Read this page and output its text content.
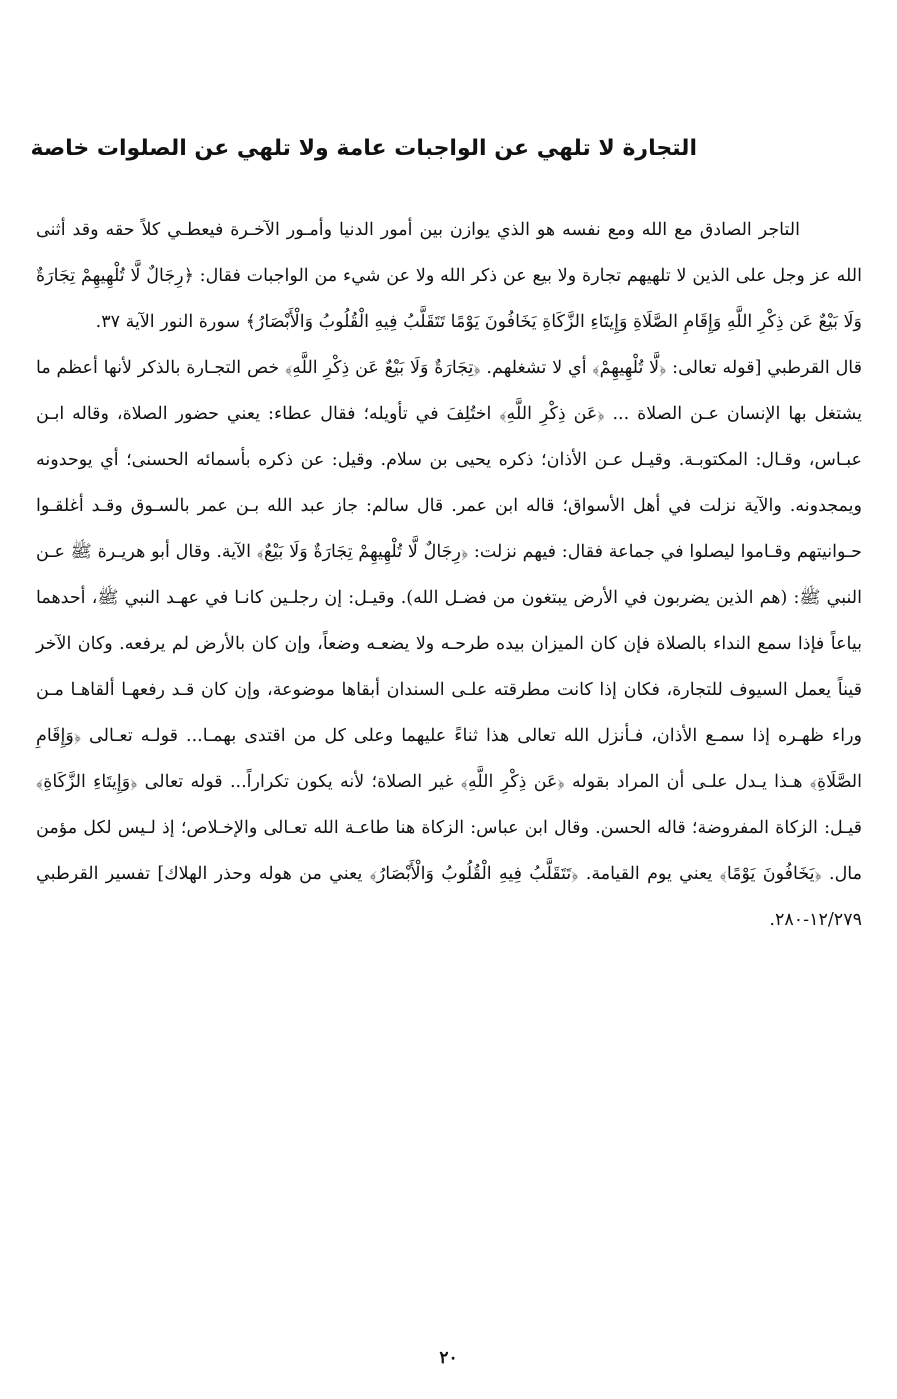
التجارة لا تلهي عن الواجبات عامة ولا تلهي عن الصلوات خاصة

التاجر الصادق مع الله ومع نفسه هو الذي يوازن بين أمور الدنيا وأمـور الآخـرة فيعطـي كلاً حقه وقد أثنى الله عز وجل على الذين لا تلهيهم تجارة ولا بيع عن ذكر الله ولا عن شيء من الواجبات فقال: ﴿رِجَالٌ لَّا تُلْهِيهِمْ تِجَارَةٌ وَلَا بَيْعٌ عَن ذِكْرِ اللَّهِ وَإِقَامِ الصَّلَاةِ وَإِيتَاءِ الزَّكَاةِ يَخَافُونَ يَوْمًا تَتَقَلَّبُ فِيهِ الْقُلُوبُ وَالْأَبْصَارُ﴾ سورة النور الآية ٣٧.

قال القرطبي [قوله تعالى: ﴿لَّا تُلْهِيهِمْ﴾ أي لا تشغلهم. ﴿تِجَارَةٌ وَلَا بَيْعٌ عَن ذِكْرِ اللَّهِ﴾ خص التجـارة بالذكر لأنها أعظم ما يشتغل بها الإنسان عـن الصلاة ... ﴿عَن ذِكْرِ اللَّهِ﴾ اختُلِفَ في تأويله؛ فقال عطاء: يعني حضور الصلاة، وقاله ابـن عبـاس، وقـال: المكتوبـة. وقيـل عـن الأذان؛ ذكره يحيى بن سلام. وقيل: عن ذكره بأسمائه الحسنى؛ أي يوحدونه ويمجدونه. والآية نزلت في أهل الأسواق؛ قاله ابن عمر. قال سالم: جاز عبد الله بـن عمر بالسـوق وقـد أغلقـوا حـوانيتهم وقـاموا ليصلوا في جماعة فقال: فيهم نزلت: ﴿رِجَالٌ لَّا تُلْهِيهِمْ تِجَارَةٌ وَلَا بَيْعٌ﴾ الآية. وقال أبو هريـرة ﷺ عـن النبي ﷺ: (هم الذين يضربون في الأرض يبتغون من فضـل الله). وقيـل: إن رجلـين كانـا في عهـد النبي ﷺ، أحدهما بياعاً فإذا سمع النداء بالصلاة فإن كان الميزان بيده طرحـه ولا يضعـه وضعاً، وإن كان بالأرض لم يرفعه. وكان الآخر قيناً يعمل السيوف للتجارة، فكان إذا كانت مطرقته علـى السندان أبقاها موضوعة، وإن كان قـد رفعهـا ألقاهـا مـن وراء ظهـره إذا سمـع الأذان، فـأنزل الله تعالى هذا ثناءً عليهما وعلى كل من اقتدى بهمـا... قولـه تعـالى ﴿وَإِقَامِ الصَّلَاةِ﴾ هـذا يـدل علـى أن المراد بقوله ﴿عَن ذِكْرِ اللَّهِ﴾ غير الصلاة؛ لأنه يكون تكراراً... قوله تعالى ﴿وَإِيتَاءِ الزَّكَاةِ﴾ قيـل: الزكاة المفروضة؛ قاله الحسن. وقال ابن عباس: الزكاة هنا طاعـة الله تعـالى والإخـلاص؛ إذ لـيس لكل مؤمن مال. ﴿يَخَافُونَ يَوْمًا﴾ يعني يوم القيامة. ﴿تَتَقَلَّبُ فِيهِ الْقُلُوبُ وَالْأَبْصَارُ﴾ يعني من هوله وحذر الهلاك] تفسير القرطبي ١٢/٢٧٩-٢٨٠.

٢٠
